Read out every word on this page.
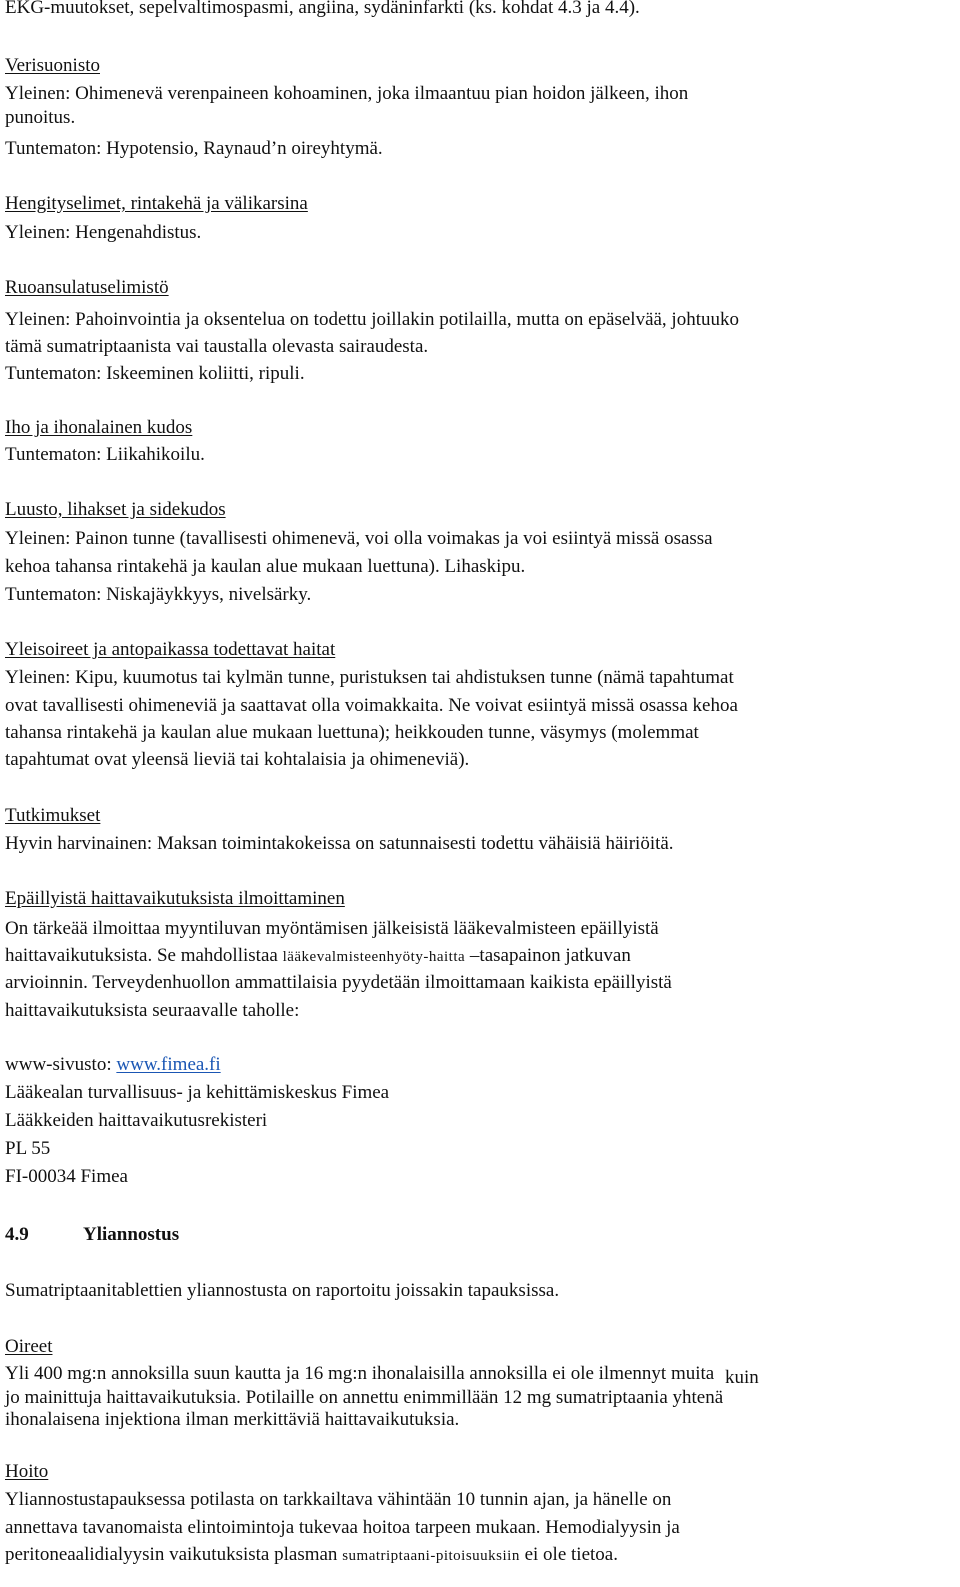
EKG-muutokset, sepelvaltimospasmi, angiina, sydäninfarkti (ks. kohdat 4.3 ja 4.4).
Verisuonisto
Yleinen: Ohimenevä verenpaineen kohoaminen, joka ilmaantuu pian hoidon jälkeen, ihon
punoitus.
Tuntematon: Hypotensio, Raynaud’n oireyhtymä.
Hengityselimet, rintakehä ja välikarsina
Yleinen: Hengenahdistus.
Ruoansulatuselimistö
Yleinen: Pahoinvointia ja oksentelua on todettu joillakin potilailla, mutta on epäselvää, johtuuko
tämä sumatriptaanista vai taustalla olevasta sairaudesta.
Tuntematon: Iskeeminen koliitti, ripuli.
Iho ja ihonalainen kudos
Tuntematon: Liikahikoilu.
Luusto, lihakset ja sidekudos
Yleinen: Painon tunne (tavallisesti ohimenevä, voi olla voimakas ja voi esiintyä missä osassa
kehoa tahansa rintakehä ja kaulan alue mukaan luettuna). Lihaskipu.
Tuntematon: Niskajäykkyys, nivelsärky.
Yleisoireet ja antopaikassa todettavat haitat
Yleinen: Kipu, kuumotus tai kylmän tunne, puristuksen tai ahdistuksen tunne (nämä tapahtumat
ovat tavallisesti ohimeneviä ja saattavat olla voimakkaita. Ne voivat esiintyä missä osassa kehoa
tahansa rintakehä ja kaulan alue mukaan luettuna); heikkouden tunne, väsymys (molemmat
tapahtumat ovat yleensä lieviä tai kohtalaisia ja ohimeneviä).
Tutkimukset
Hyvin harvinainen: Maksan toimintakokeissa on satunnaisesti todettu vähäisiä häiriöitä.
Epäillyistä haittavaikutuksista ilmoittaminen
On tärkeää ilmoittaa myyntiluvan myöntämisen jälkeisistä lääkevalmisteen epäillyistä
haittavaikutuksista. Se mahdollistaa lääkevalmisteenhyöty-haitta –tasapainon jatkuvan
arvioinnin. Terveydenhuollon ammattilaisia pyydetään ilmoittamaan kaikista epäillyistä
haittavaikutuksista seuraavalle taholle:
www-sivusto: www.fimea.fi
Lääkealan turvallisuus- ja kehittämiskeskus Fimea
Lääkkeiden haittavaikutusrekisteri
PL 55
FI-00034 Fimea
4.9	Yliannostus
Sumatriptaanitablettien yliannostusta on raportoitu joissakin tapauksissa.
Oireet
Yli 400 mg:n annoksilla suun kautta ja 16 mg:n ihonalaisilla annoksilla ei ole ilmennyt muita kuin
jo mainittuja haittavaikutuksia. Potilaille on annettu enimmillään 12 mg sumatriptaania yhtenä
ihonalaisena injektiona ilman merkittäviä haittavaikutuksia.
Hoito
Yliannostustapauksessa potilasta on tarkkailtava vähintään 10 tunnin ajan, ja hänelle on
annettava tavanomaista elintoimintoja tukevaa hoitoa tarpeen mukaan. Hemodialyysin ja
peritoneaalidialyysin vaikutuksista plasman sumatriptaani-pitoisuuksiin ei ole tietoa.
